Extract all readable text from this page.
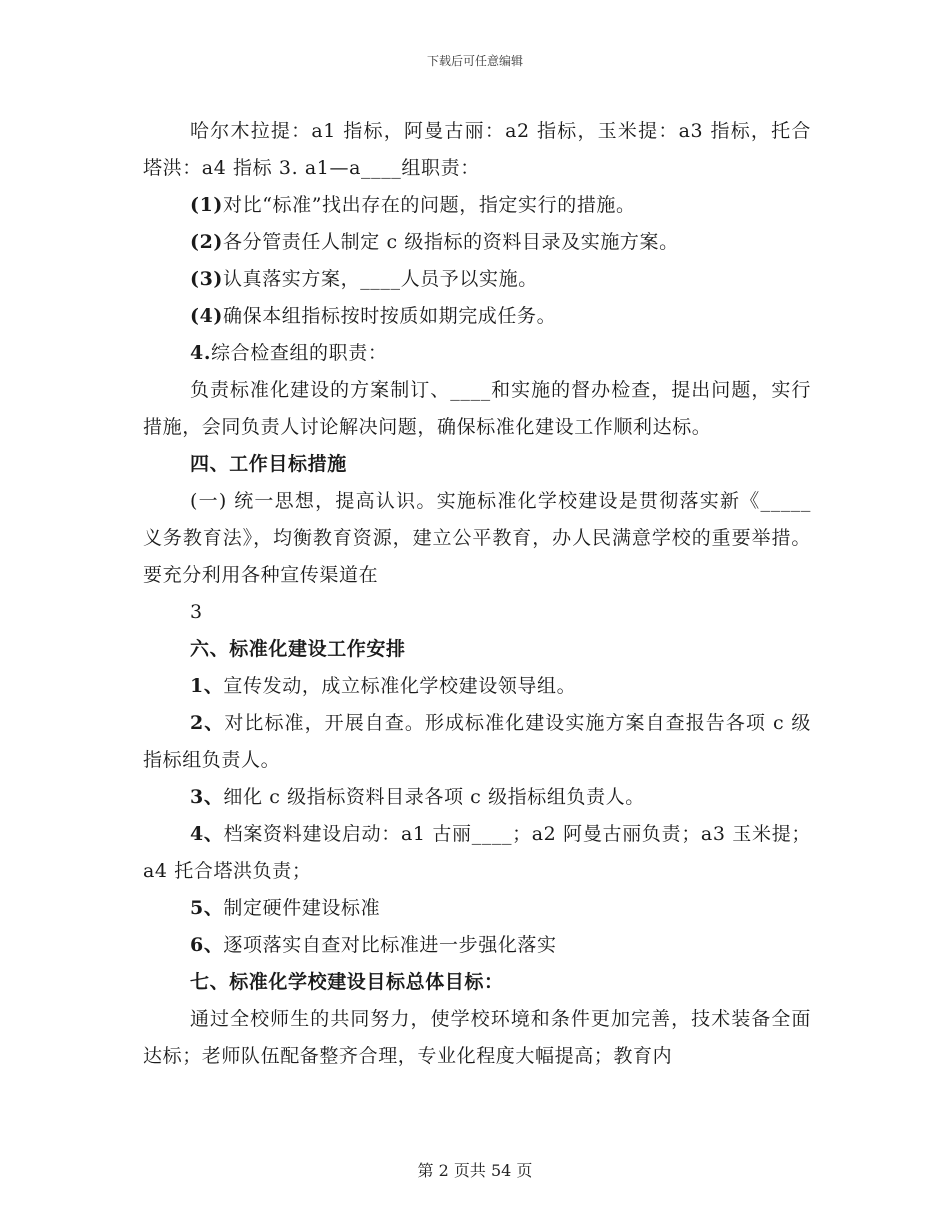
下载后可任意编辑

哈尔木拉提：a1 指标，阿曼古丽：a2 指标，玉米提：a3 指标，托合塔洪：a4 指标 3. a1—a____组职责：

(1)对比“标准”找出存在的问题，指定实行的措施。

(2)各分管责任人制定 c 级指标的资料目录及实施方案。

(3)认真落实方案，____人员予以实施。

(4)确保本组指标按时按质如期完成任务。

4.综合检查组的职责：

负责标准化建设的方案制订、____和实施的督办检查，提出问题，实行措施，会同负责人讨论解决问题，确保标准化建设工作顺利达标。

四、工作目标措施

(一) 统一思想，提高认识。实施标准化学校建设是贯彻落实新《_____义务教育法》，均衡教育资源，建立公平教育，办人民满意学校的重要举措。要充分利用各种宣传渠道在

3

六、标准化建设工作安排

1、宣传发动，成立标准化学校建设领导组。

2、对比标准，开展自查。形成标准化建设实施方案自查报告各项 c 级指标组负责人。

3、细化 c 级指标资料目录各项 c 级指标组负责人。

4、档案资料建设启动：a1 古丽____；a2 阿曼古丽负责；a3 玉米提；a4 托合塔洪负责；

5、制定硬件建设标准

6、逐项落实自查对比标准进一步强化落实

七、标准化学校建设目标总体目标：

通过全校师生的共同努力，使学校环境和条件更加完善，技术装备全面达标；老师队伍配备整齐合理，专业化程度大幅提高；教育内

第 2 页共 54 页
